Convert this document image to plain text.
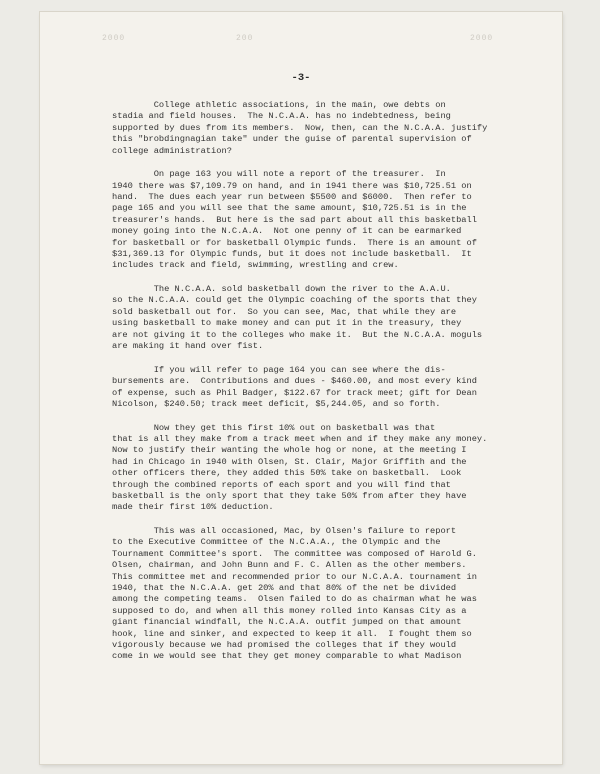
2000	200	2000
-3-
College athletic associations, in the main, owe debts on
stadia and field houses.  The N.C.A.A. has no indebtedness, being
supported by dues from its members.  Now, then, can the N.C.A.A. justify
this "brobdingnagian take" under the guise of parental supervision of
college administration?
On page 163 you will note a report of the treasurer.  In
1940 there was $7,109.79 on hand, and in 1941 there was $10,725.51 on
hand.  The dues each year run between $5500 and $6000.  Then refer to
page 165 and you will see that the same amount, $10,725.51 is in the
treasurer's hands.  But here is the sad part about all this basketball
money going into the N.C.A.A.  Not one penny of it can be earmarked
for basketball or for basketball Olympic funds.  There is an amount of
$31,369.13 for Olympic funds, but it does not include basketball.  It
includes track and field, swimming, wrestling and crew.
The N.C.A.A. sold basketball down the river to the A.A.U.
so the N.C.A.A. could get the Olympic coaching of the sports that they
sold basketball out for.  So you can see, Mac, that while they are
using basketball to make money and can put it in the treasury, they
are not giving it to the colleges who make it.  But the N.C.A.A. moguls
are making it hand over fist.
If you will refer to page 164 you can see where the dis-
bursements are.  Contributions and dues - $460.00, and most every kind
of expense, such as Phil Badger, $122.67 for track meet; gift for Dean
Nicolson, $240.50; track meet deficit, $5,244.05, and so forth.
Now they get this first 10% out on basketball was that
that is all they make from a track meet when and if they make any money.
Now to justify their wanting the whole hog or none, at the meeting I
had in Chicago in 1940 with Olsen, St. Clair, Major Griffith and the
other officers there, they added this 50% take on basketball.  Look
through the combined reports of each sport and you will find that
basketball is the only sport that they take 50% from after they have
made their first 10% deduction.
This was all occasioned, Mac, by Olsen's failure to report
to the Executive Committee of the N.C.A.A., the Olympic and the
Tournament Committee's sport.  The committee was composed of Harold G.
Olsen, chairman, and John Bunn and F. C. Allen as the other members.
This committee met and recommended prior to our N.C.A.A. tournament in
1940, that the N.C.A.A. get 20% and that 80% of the net be divided
among the competing teams.  Olsen failed to do as chairman what he was
supposed to do, and when all this money rolled into Kansas City as a
giant financial windfall, the N.C.A.A. outfit jumped on that amount
hook, line and sinker, and expected to keep it all.  I fought them so
vigorously because we had promised the colleges that if they would
come in we would see that they get money comparable to what Madison
